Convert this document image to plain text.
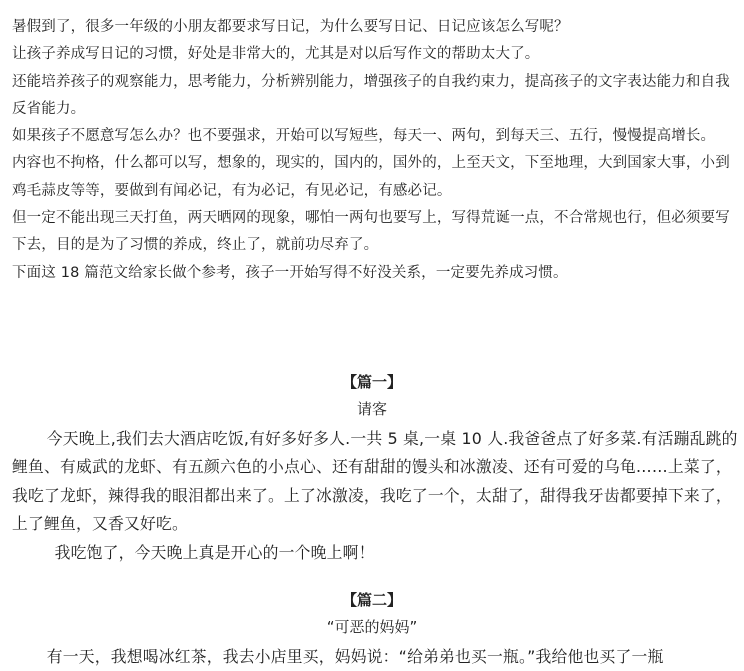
暑假到了，很多一年级的小朋友都要求写日记，为什么要写日记、日记应该怎么写呢？

让孩子养成写日记的习惯，好处是非常大的，尤其是对以后写作文的帮助太大了。

还能培养孩子的观察能力，思考能力，分析辨别能力，增强孩子的自我约束力，提高孩子的文字表达能力和自我反省能力。

如果孩子不愿意写怎么办？也不要强求，开始可以写短些，每天一、两句，到每天三、五行，慢慢提高增长。

内容也不拘格，什么都可以写，想象的，现实的，国内的，国外的，上至天文，下至地理，大到国家大事，小到鸡毛蒜皮等等，要做到有闻必记，有为必记，有见必记，有感必记。

但一定不能出现三天打鱼，两天晒网的现象，哪怕一两句也要写上，写得荒诞一点，不合常规也行，但必须要写下去，目的是为了习惯的养成，终止了，就前功尽弃了。

下面这 18 篇范文给家长做个参考，孩子一开始写得不好没关系，一定要先养成习惯。

【篇一】
请客

今天晚上,我们去大酒店吃饭,有好多好多人.一共 5 桌,一桌 10 人.我爸爸点了好多菜.有活蹦乱跳的鲤鱼、有威武的龙虾、有五颜六色的小点心、还有甜甜的馒头和冰激凌、还有可爱的乌龟……上菜了，我吃了龙虾，辣得我的眼泪都出来了。上了冰激凌，我吃了一个，太甜了，甜得我牙齿都要掉下来了，上了鲤鱼，又香又好吃。

我吃饱了，今天晚上真是开心的一个晚上啊！

【篇二】
“可恶的妈妈”

有一天，我想喝冰红茶，我去小店里买，妈妈说：“给弟弟也买一瓶。”我给他也买了一瓶
